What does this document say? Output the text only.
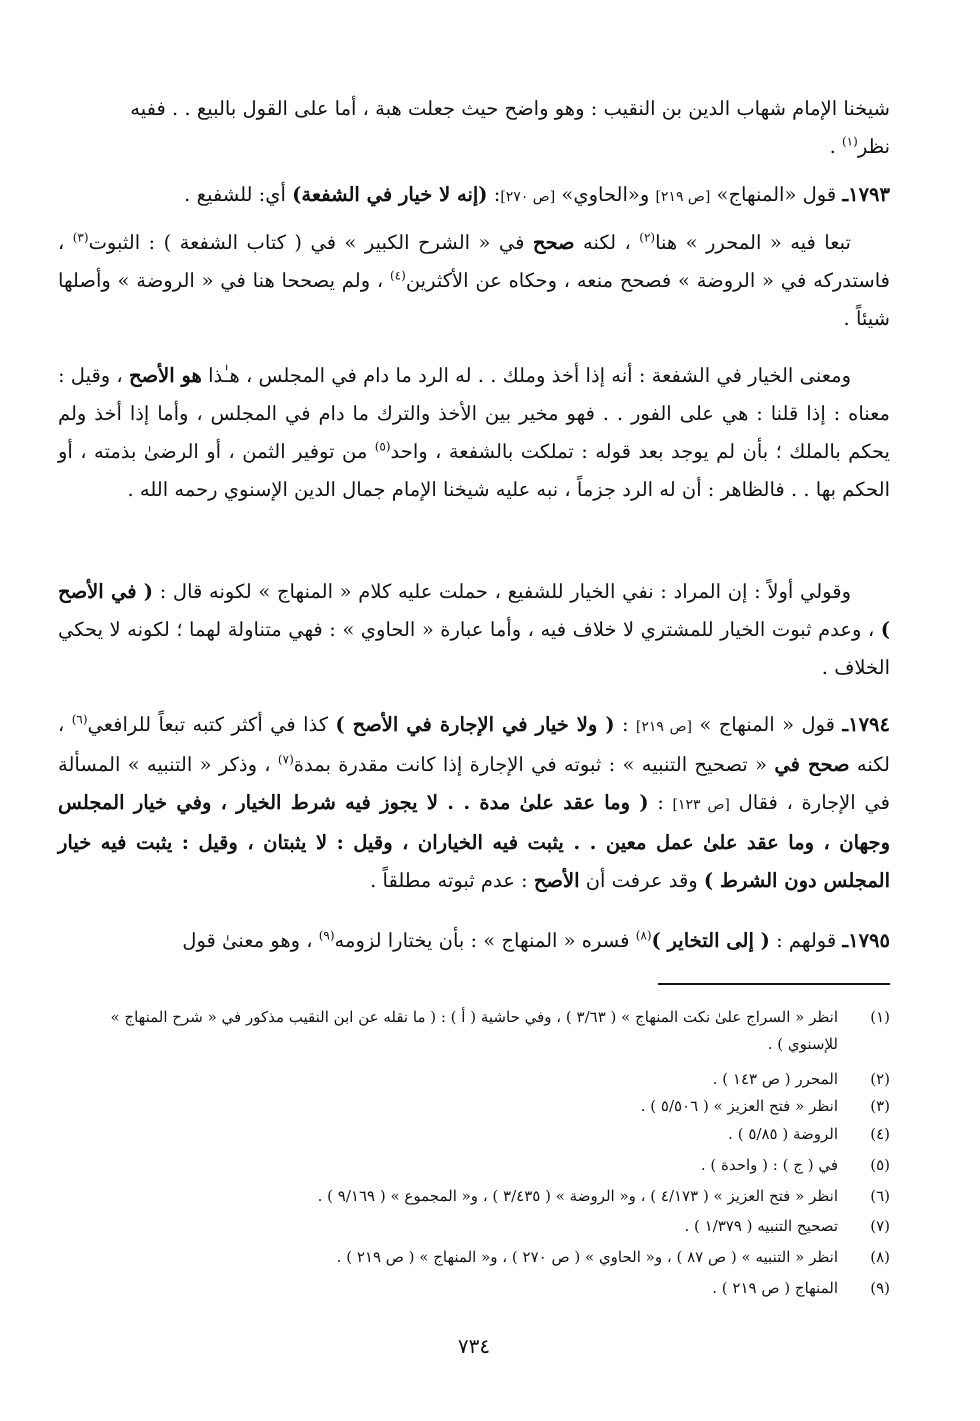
شيخنا الإمام شهاب الدين بن النقيب : وهو واضح حيث جعلت هبة ، أما على القول بالبيع . . ففيه
نظر$^{(١)}$ .

١٧٩٣ـ قول «المنهاج» [ص ٢١٩] و«الحاوي» [ص ٢٧٠]: (إنه لا خيار في الشفعة) أي: للشفيع .

  تبعا فيه « المحرر » هنا$^{(٢)}$ ، لكنه صحح في « الشرح الكبير » في ( كتاب الشفعة ) : الثبوت$^{(٣)}$ ، فاستدركه في « الروضة » فصحح منعه ، وحكاه عن الأكثرين$^{(٤)}$ ، ولم يصححا هنا في « الروضة » وأصلها شيئاً .

  ومعنى الخيار في الشفعة : أنه إذا أخذ وملك . . له الرد ما دام في المجلس ، هـٰذا هو الأصح ، وقيل : معناه : إذا قلنا : هي على الفور . . فهو مخير بين الأخذ والترك ما دام في المجلس ، وأما إذا أخذ ولم يحكم بالملك ؛ بأن لم يوجد بعد قوله : تملكت بالشفعة ، واحد$^{(٥)}$ من توفير الثمن ، أو الرضىٰ بذمته ، أو الحكم بها . . فالظاهر : أن له الرد جزماً ، نبه عليه شيخنا الإمام جمال الدين الإسنوي رحمه الله .

  وقولي أولاً : إن المراد : نفي الخيار للشفيع ، حملت عليه كلام « المنهاج » لكونه قال : ( في الأصح ) ، وعدم ثبوت الخيار للمشتري لا خلاف فيه ، وأما عبارة « الحاوي » : فهي متناولة لهما ؛ لكونه لا يحكي الخلاف .

١٧٩٤ـ قول « المنهاج » [ص ٢١٩] : ( ولا خيار في الإجارة في الأصح ) كذا في أكثر كتبه تبعاً للرافعي$^{(٦)}$ ، لكنه صحح في « تصحيح التنبيه » : ثبوته في الإجارة إذا كانت مقدرة بمدة$^{(٧)}$ ، وذكر « التنبيه » المسألة في الإجارة ، فقال [ص ١٢٣] : ( وما عقد علىٰ مدة . . لا يجوز فيه شرط الخيار ، وفي خيار المجلس وجهان ، وما عقد علىٰ عمل معين . . يثبت فيه الخياران ، وقيل : لا يثبتان ، وقيل : يثبت فيه خيار المجلس دون الشرط ) وقد عرفت أن الأصح : عدم ثبوته مطلقاً .

١٧٩٥ـ قولهم : ( إلى التخاير )$^{(٨)}$ فسره « المنهاج » : بأن يختارا لزومه$^{(٩)}$ ، وهو معنىٰ قول

(١)
انظر « السراج علىٰ نكت المنهاج » ( ٣/٦٣ ) ، وفي حاشية ( أ ) : ( ما نقله عن ابن النقيب مذكور في « شرح المنهاج » للإسنوي ) .
(٢)
المحرر ( ص ١٤٣ ) .
(٣)
انظر « فتح العزيز » ( ٥/٥٠٦ ) .
(٤)
الروضة ( ٥/٨٥ ) .
(٥)
في ( ج ) : ( واحدة ) .
(٦)
انظر « فتح العزيز » ( ٤/١٧٣ ) ، و« الروضة » ( ٣/٤٣٥ ) ، و« المجموع » ( ٩/١٦٩ ) .
(٧)
تصحيح التنبيه ( ١/٣٧٩ ) .
(٨)
انظر « التنبيه » ( ص ٨٧ ) ، و« الحاوي » ( ص ٢٧٠ ) ، و« المنهاج » ( ص ٢١٩ ) .
(٩)
المنهاج ( ص ٢١٩ ) .
٧٣٤
